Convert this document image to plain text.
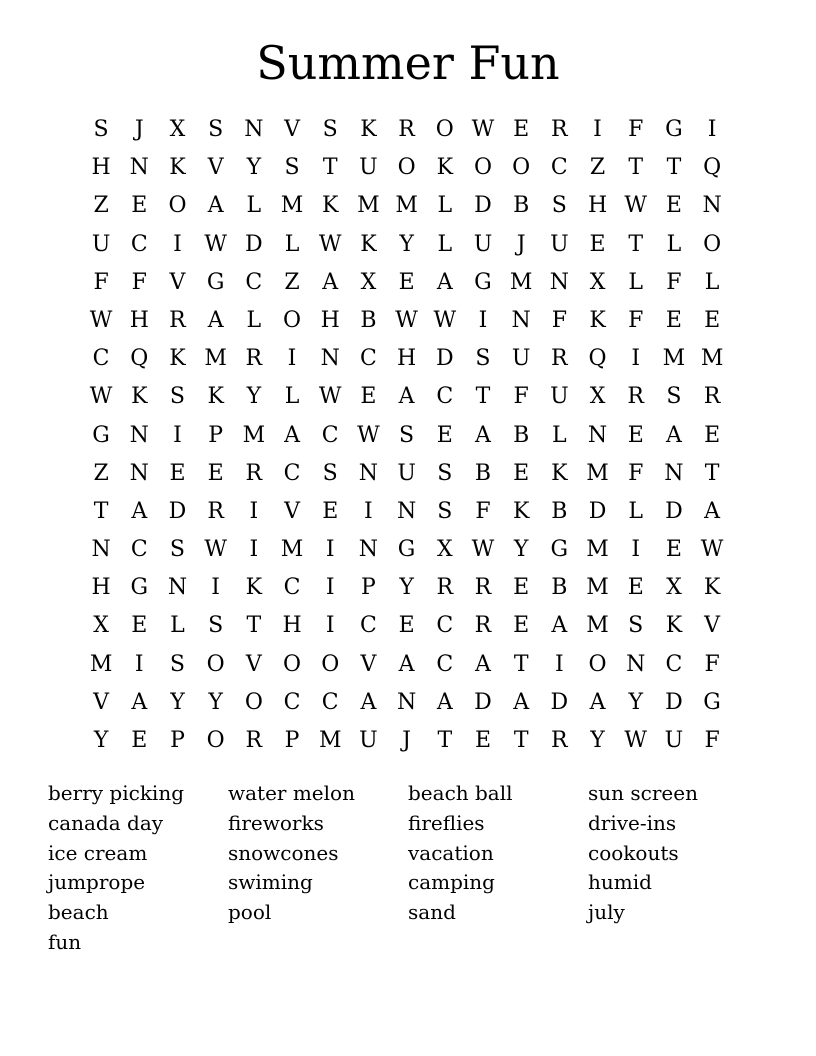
Summer Fun
S	J	X	S N V	S	K R O W E R	I	F G	I
H N K	V	Y	S	T U O K O O C	Z	T	T Q
Z	E O A	L M K M M L	D B	S H W E N
U C	I	W D	L W K	Y	L U	J	U E	T	L O
F	F	V G C	Z	A	X	E	A G M N X	L	F	L
W H R A	L O H B W W	I	N F	K	F	E	E
C Q K M R	I	N C H D S U R Q	I	M M
W K	S	K	Y	L W E	A C	T	F U X	R	S	R
G N	I	P M A C W S	E	A	B	L N E	A	E
Z N E	E R C	S N U S	B	E K M F N T
T	A D R	I	V	E	I	N S	F	K B D	L	D A
N C	S W	I	M	I	N G X W Y	G M	I	E W
H G N	I	K C	I	P	Y	R R E	B M E	X	K
X	E	L	S	T H	I	C E C R E	A M S	K	V
M	I	S O V O O V	A C A	T	I	O N C	F
V	A	Y	Y O C C A N A D A D A	Y	D G
Y	E	P O R	P M U	J	T	E	T	R	Y W U F
berry picking	water melon	beach ball	sun screen
canada day	fireworks	fireflies	drive-ins
ice cream	snowcones	vacation	cookouts
jumprope	swiming	camping	humid
beach	pool	sand	july
fun
